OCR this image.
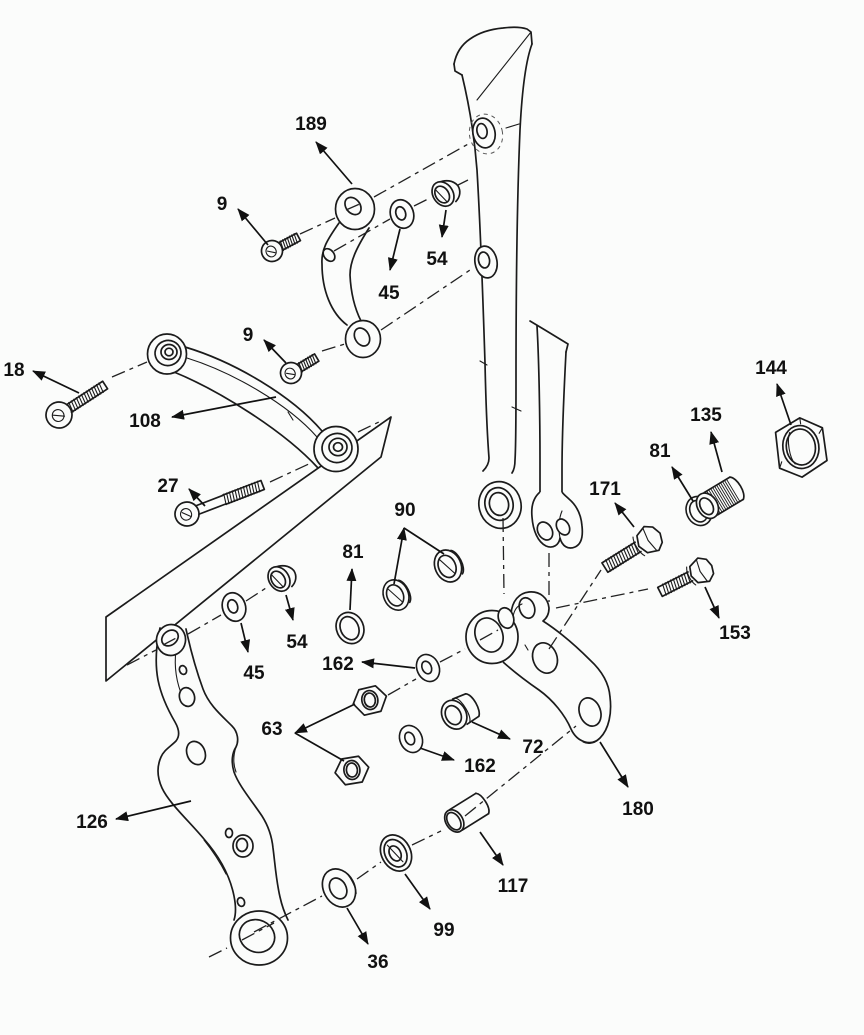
189
9
45
54
18
108
9
27
144
135
81
171
153
90
81
54
45	162
63
162
72
180
126
117
99
36
